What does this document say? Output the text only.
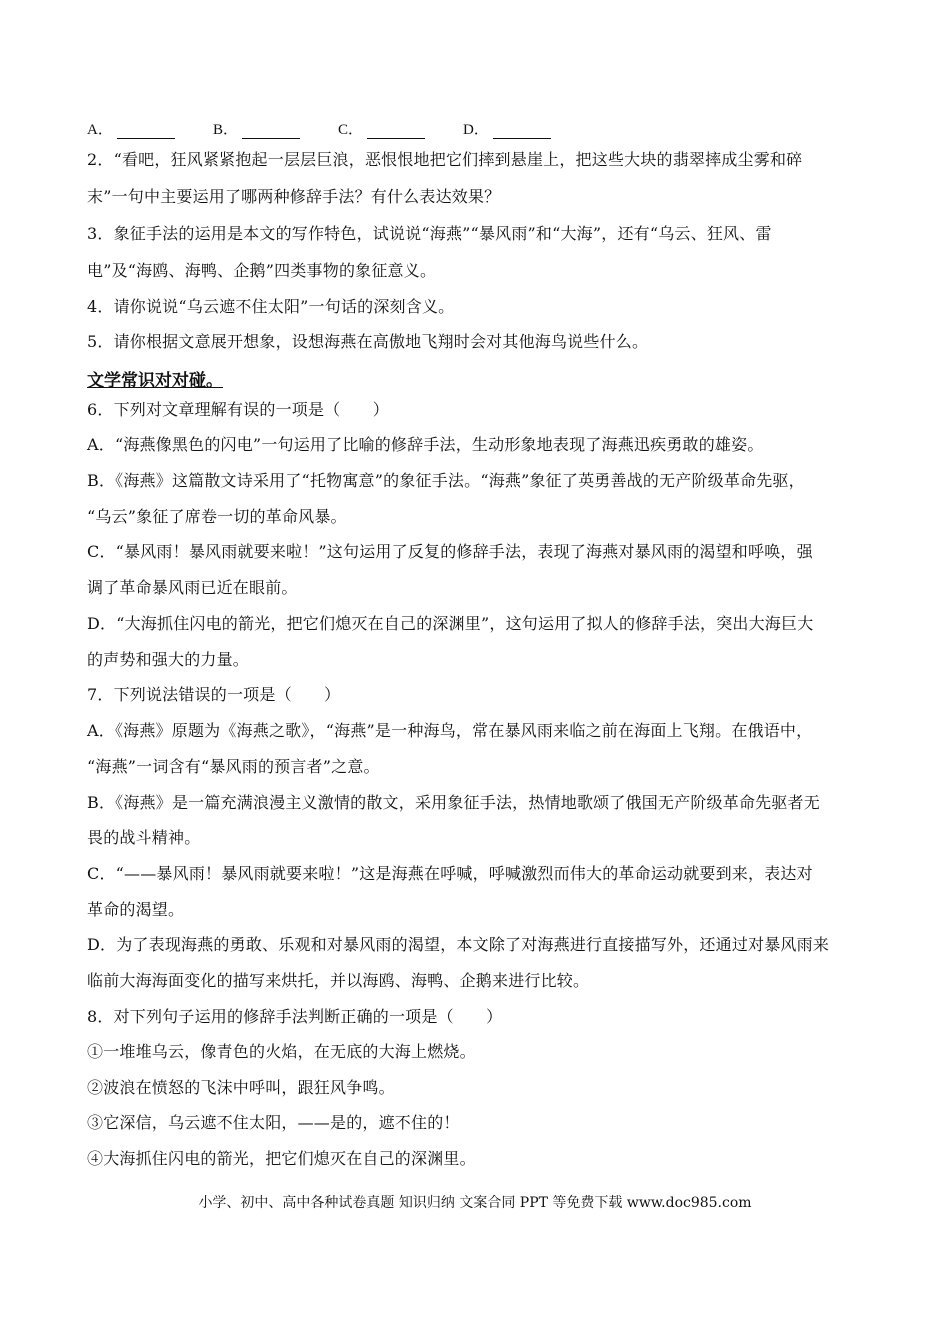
A．	B．	C．	D．
2．“看吧，狂风紧紧抱起一层层巨浪，恶恨恨地把它们摔到悬崖上，把这些大块的翡翠摔成尘雾和碎
末”一句中主要运用了哪两种修辞手法？有什么表达效果？
3．象征手法的运用是本文的写作特色，试说说“海燕”“暴风雨”和“大海”，还有“乌云、狂风、雷
电”及“海鸥、海鸭、企鹅”四类事物的象征意义。
4．请你说说“乌云遮不住太阳”一句话的深刻含义。
5．请你根据文意展开想象，设想海燕在高傲地飞翔时会对其他海鸟说些什么。
文学常识对对碰。
6．下列对文章理解有误的一项是（　　）
A．“海燕像黑色的闪电”一句运用了比喻的修辞手法，生动形象地表现了海燕迅疾勇敢的雄姿。
B．《海燕》这篇散文诗采用了“托物寓意”的象征手法。“海燕”象征了英勇善战的无产阶级革命先驱，
“乌云”象征了席卷一切的革命风暴。
C．“暴风雨！暴风雨就要来啦！”这句运用了反复的修辞手法，表现了海燕对暴风雨的渴望和呼唤，强
调了革命暴风雨已近在眼前。
D．“大海抓住闪电的箭光，把它们熄灭在自己的深渊里”，这句运用了拟人的修辞手法，突出大海巨大
的声势和强大的力量。
7．下列说法错误的一项是（　　）
A．《海燕》原题为《海燕之歌》，“海燕”是一种海鸟，常在暴风雨来临之前在海面上飞翔。在俄语中，
“海燕”一词含有“暴风雨的预言者”之意。
B．《海燕》是一篇充满浪漫主义激情的散文，采用象征手法，热情地歌颂了俄国无产阶级革命先驱者无
畏的战斗精神。
C．“——暴风雨！暴风雨就要来啦！”这是海燕在呼喊，呼喊激烈而伟大的革命运动就要到来，表达对
革命的渴望。
D．为了表现海燕的勇敢、乐观和对暴风雨的渴望，本文除了对海燕进行直接描写外，还通过对暴风雨来
临前大海海面变化的描写来烘托，并以海鸥、海鸭、企鹅来进行比较。
8．对下列句子运用的修辞手法判断正确的一项是（　　）
①一堆堆乌云，像青色的火焰，在无底的大海上燃烧。
②波浪在愤怒的飞沫中呼叫，跟狂风争鸣。
③它深信，乌云遮不住太阳，——是的，遮不住的！
④大海抓住闪电的箭光，把它们熄灭在自己的深渊里。
小学、初中、高中各种试卷真题 知识归纳 文案合同 PPT 等免费下载 www.doc985.com
